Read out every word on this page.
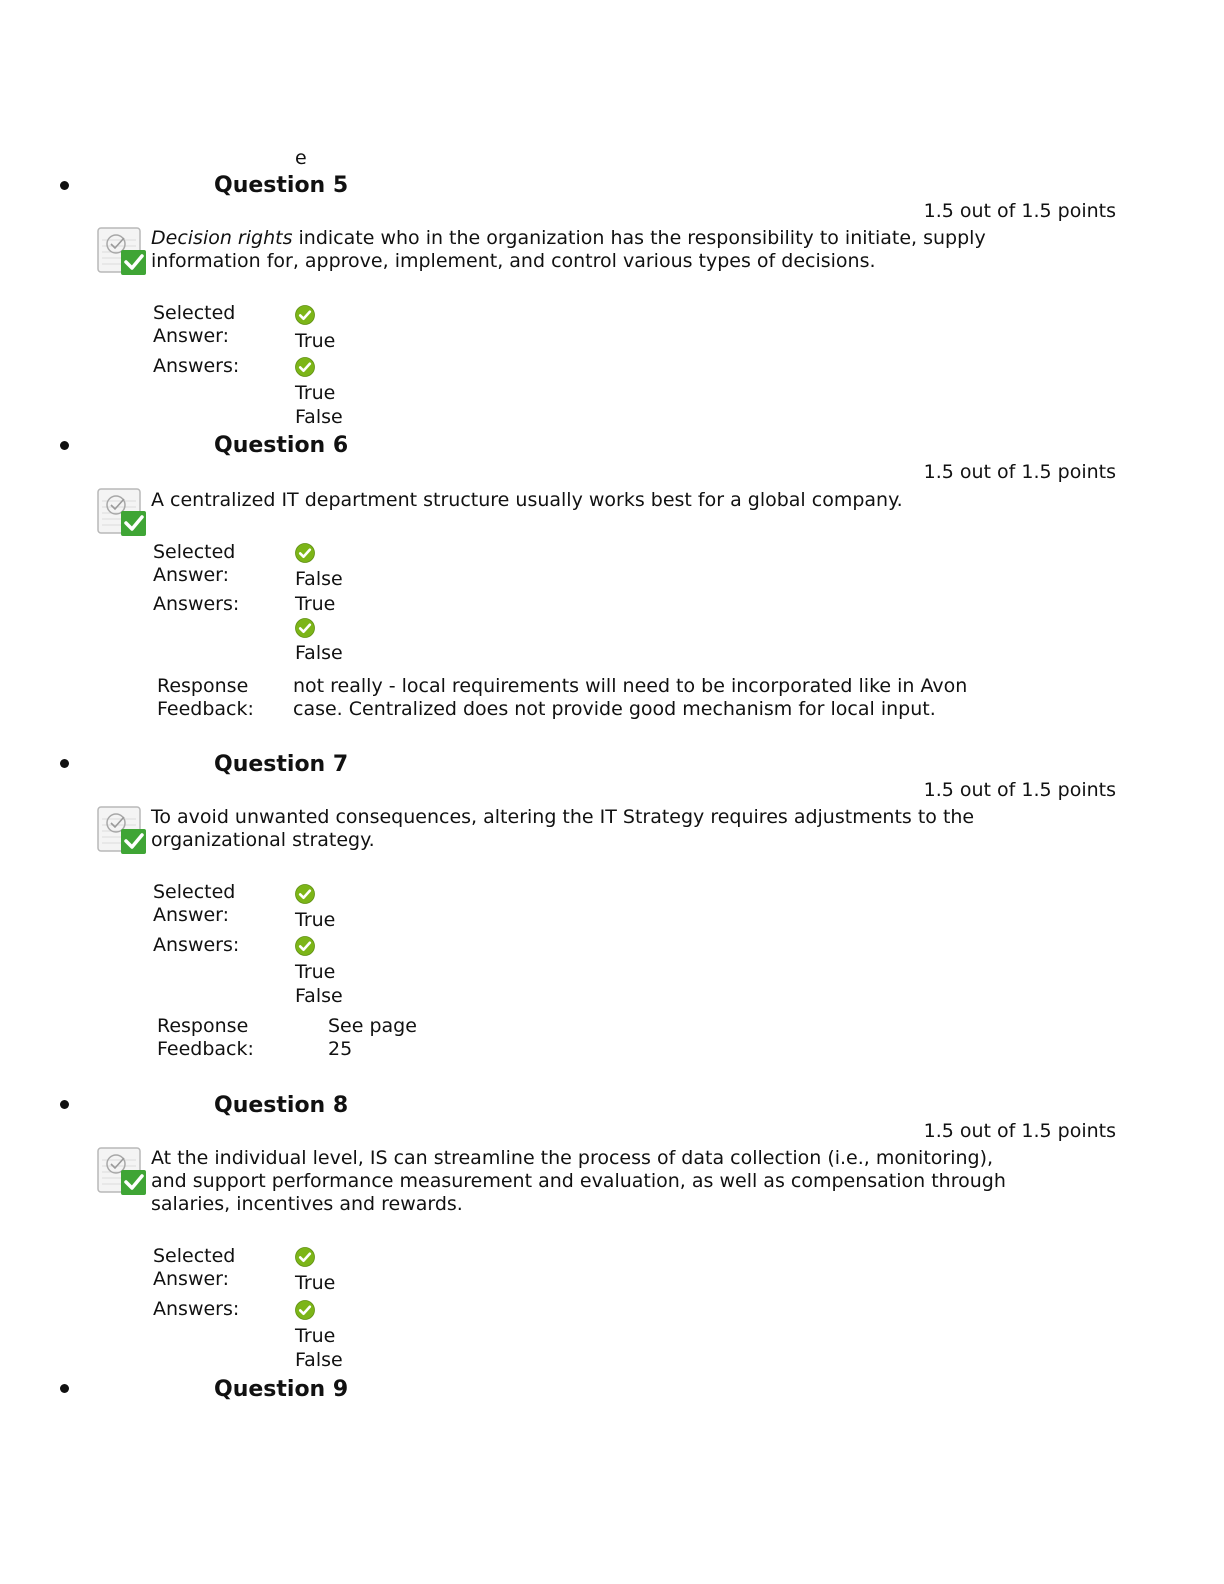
e
Question 5
1.5 out of 1.5 points

Decision rights indicate who in the organization has the responsibility to initiate, supply information for, approve, implement, and control various types of decisions.

Selected Answer:	True
Answers:
True
False
Question 6
1.5 out of 1.5 points

A centralized IT department structure usually works best for a global company.

Selected Answer:	False
Answers:	True
False
Response Feedback:
not really - local requirements will need to be incorporated like in Avon case. Centralized does not provide good mechanism for local input.
Question 7
1.5 out of 1.5 points

To avoid unwanted consequences, altering the IT Strategy requires adjustments to the organizational strategy.

Selected Answer:	True
Answers:
True
False
Response Feedback:
See page 25
Question 8
1.5 out of 1.5 points

At the individual level, IS can streamline the process of data collection (i.e., monitoring), and support performance measurement and evaluation, as well as compensation through salaries, incentives and rewards.

Selected Answer:	True
Answers:
True
False
Question 9
